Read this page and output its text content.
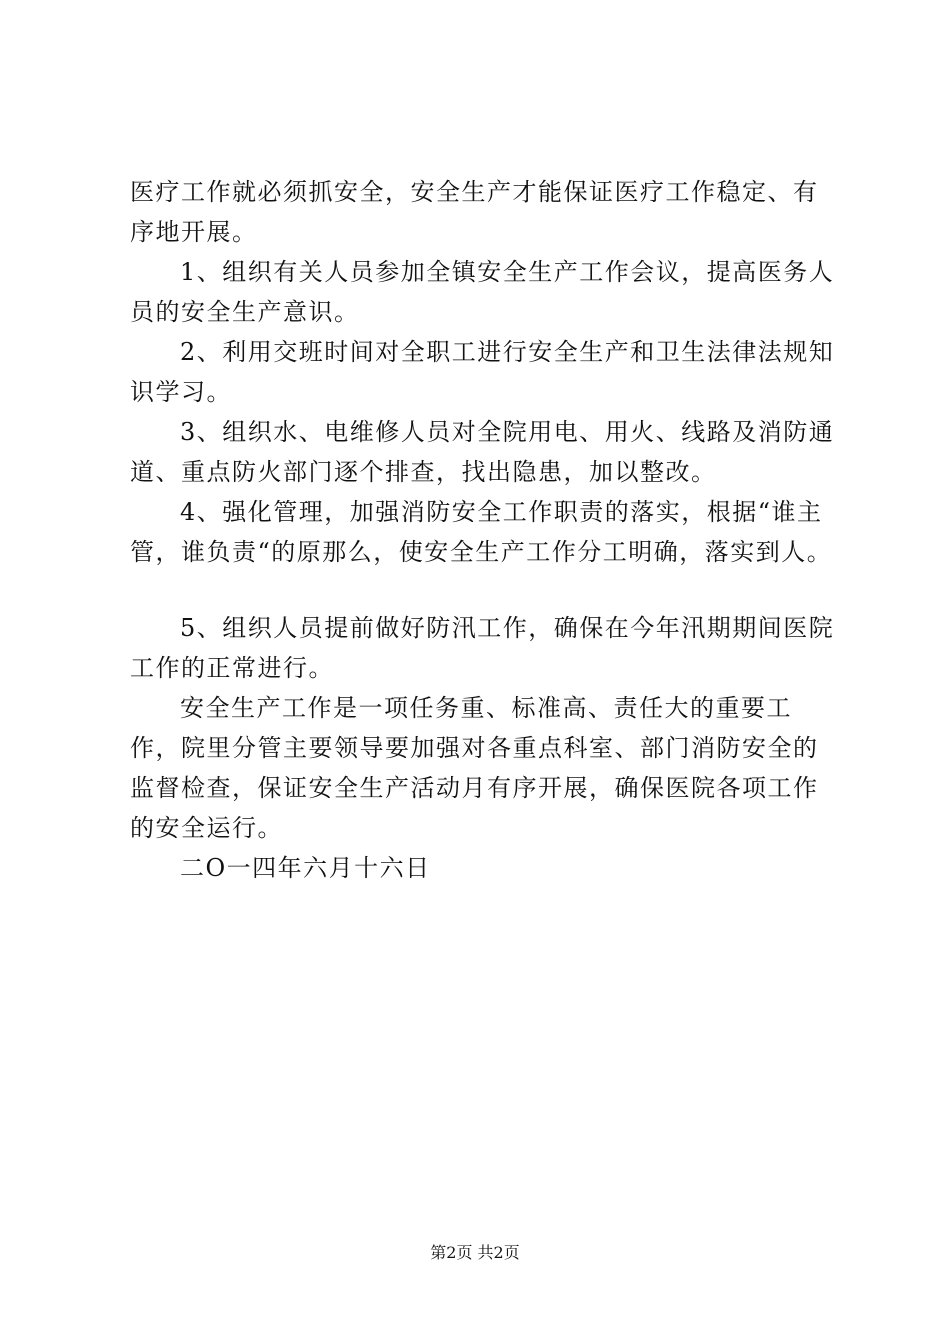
医疗工作就必须抓安全，安全生产才能保证医疗工作稳定、有序地开展。

1、组织有关人员参加全镇安全生产工作会议，提高医务人员的安全生产意识。

2、利用交班时间对全职工进行安全生产和卫生法律法规知识学习。

3、组织水、电维修人员对全院用电、用火、线路及消防通道、重点防火部门逐个排查，找出隐患，加以整改。

4、强化管理，加强消防安全工作职责的落实，根据“谁主管，谁负责“的原那么，使安全生产工作分工明确，落实到人。

5、组织人员提前做好防汛工作，确保在今年汛期期间医院工作的正常进行。

安全生产工作是一项任务重、标准高、责任大的重要工作，院里分管主要领导要加强对各重点科室、部门消防安全的监督检查，保证安全生产活动月有序开展，确保医院各项工作的安全运行。

二O一四年六月十六日

第2页 共2页
